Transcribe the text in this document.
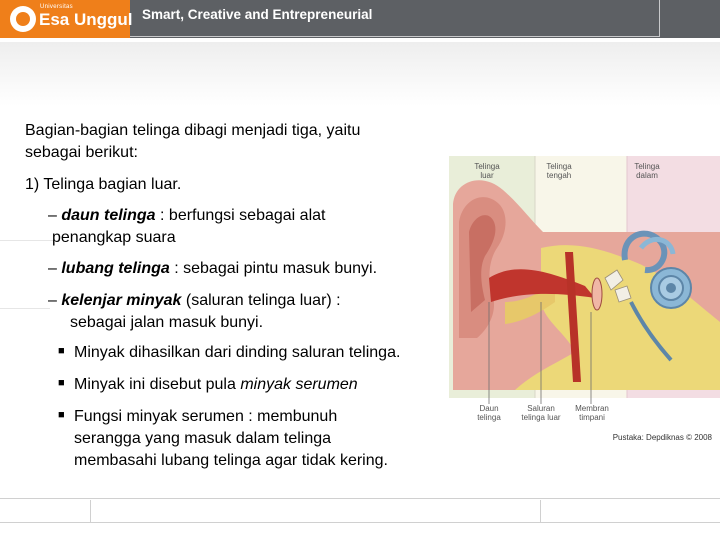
Universitas
Esa Unggul Smart, Creative and Entrepreneurial
Bagian-bagian telinga dibagi menjadi tiga, yaitu
sebagai berikut:
1) Telinga bagian luar.
– daun telinga : berfungsi sebagai alat
penangkap suara
– lubang telinga : sebagai pintu masuk bunyi.
– kelenjar minyak (saluran telinga luar) :
sebagai jalan masuk bunyi.
■ Minyak dihasilkan dari dinding saluran telinga.
■ Minyak ini disebut pula minyak serumen
■ Fungsi minyak serumen : membunuh
serangga yang masuk dalam telinga
membasahi lubang telinga agar tidak kering.
Telinga
luar
Telinga
tengah
Telinga
dalam
Daun
telinga
Saluran
telinga luar
Membran
timpani
Pustaka: Depdiknas © 2008
